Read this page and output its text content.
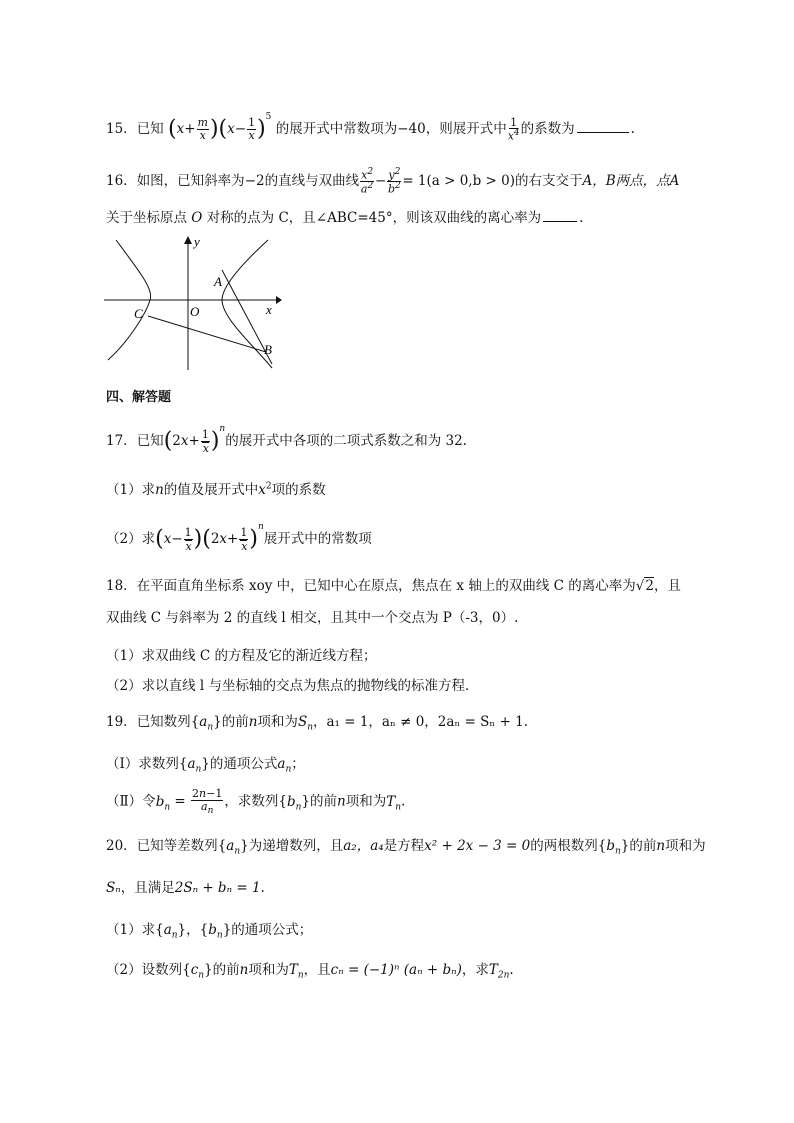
15．已知 $(x+ \frac{m}{x} )(x- \frac{1}{x} )^5$ 的展开式中常数项为−40，则展开式中 $\frac{1}{x^4}$ 的系数为	.
16．如图，已知斜率为−2的直线与双曲线 $\frac{x^2}{a^2} - \frac{y^2}{b^2} = 1(a > 0,b > 0)$的右支交于A，B两点，点A
关于坐标原点 O 对称的点为 C，且∠ABC=45°，则该双曲线的离心率为	.
y
x
O
A
B
C
四、解答题
17．已知$(2x+ \frac{1}{x} )^n$的展开式中各项的二项式系数之和为 32.
（1）求n的值及展开式中$x^2$项的系数
（2）求$(x- \frac{1}{x} )(2x+ \frac{1}{x} )^n$展开式中的常数项
18．在平面直角坐标系 xoy 中，已知中心在原点，焦点在 x 轴上的双曲线 C 的离心率为√2，且
双曲线 C 与斜率为 2 的直线 l 相交，且其中一个交点为 P（-3，0）.
（1）求双曲线 C 的方程及它的渐近线方程；
（2）求以直线 l 与坐标轴的交点为焦点的抛物线的标准方程．
19．已知数列$\{a_n\}$的前n项和为$S_n$，a₁ = 1，aₙ ≠ 0，2aₙ = Sₙ + 1.
（Ⅰ）求数列$\{a_n\}$的通项公式$a_n$；
（Ⅱ）令$b_n = \frac{2n-1}{a_n}$ ，求数列$\{b_n\}$的前n项和为$T_n$.
20．已知等差数列$\{a_n\}$为递增数列，且a₂，a₄是方程x² + 2x − 3 = 0的两根数列$\{b_n\}$的前n项和为
Sₙ，且满足2Sₙ + bₙ = 1.
（1）求$\{a_n\}$，$\{b_n\}$的通项公式；
（2）设数列$\{c_n\}$的前n项和为$T_n$，且cₙ = (−1)ⁿ (aₙ + bₙ)，求$T_{2n}$.
